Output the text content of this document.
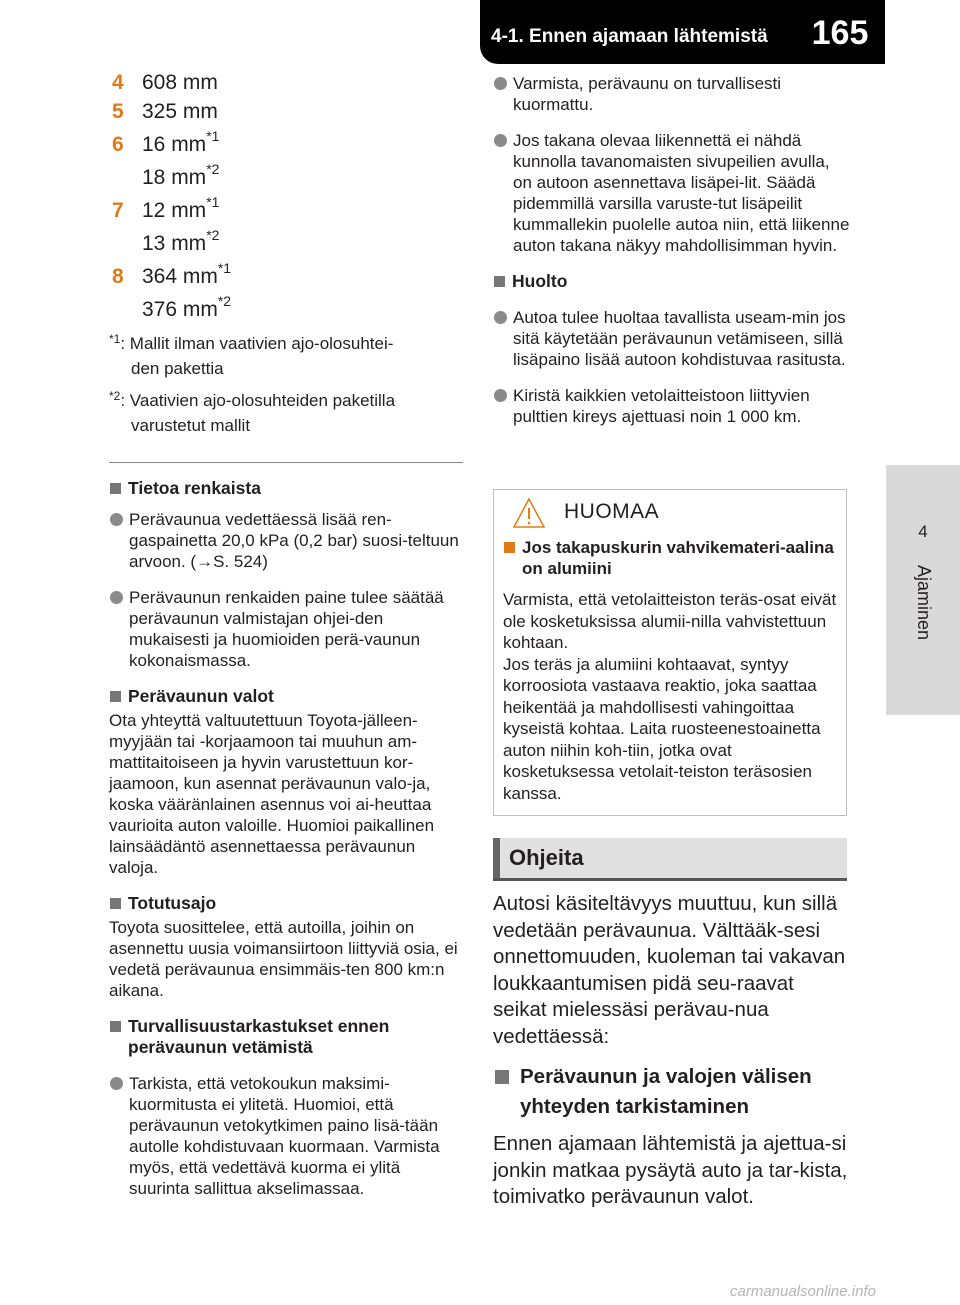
4-1. Ennen ajamaan lähtemistä	165
4
Ajaminen
4 608 mm
5 325 mm
6 16 $mm^{*1}$
18 $mm^{*2}$
7 12 $mm^{*1}$
13 $mm^{*2}$
8 364 $mm^{*1}$
376 $mm^{*2}$
$^{*1}$: Mallit ilman vaativien ajo-olosuhtei-
den pakettia
$^{*2}$: Vaativien ajo-olosuhteiden paketilla
varustetut mallit
Tietoa renkaista
Perävaunua vedettäessä lisää ren-gaspainetta 20,0 kPa (0,2 bar) suosi-teltuun arvoon. (→S. 524)
Perävaunun renkaiden paine tulee säätää perävaunun valmistajan ohjei-den mukaisesti ja huomioiden perä-vaunun kokonaismassa.
Perävaunun valot
Ota yhteyttä valtuutettuun Toyota-jälleen-myyjään tai -korjaamoon tai muuhun am-mattitaitoiseen ja hyvin varustettuun kor-jaamoon, kun asennat perävaunun valo-ja, koska vääränlainen asennus voi ai-heuttaa vaurioita auton valoille. Huomioi paikallinen lainsäädäntö asennettaessa perävaunun valoja.
Totutusajo
Toyota suosittelee, että autoilla, joihin on asennettu uusia voimansiirtoon liittyviä osia, ei vedetä perävaunua ensimmäis-ten 800 km:n aikana.
Turvallisuustarkastukset ennen perävaunun vetämistä
Tarkista, että vetokoukun maksimi-kuormitusta ei ylitetä. Huomioi, että perävaunun vetokytkimen paino lisä-tään autolle kohdistuvaan kuormaan. Varmista myös, että vedettävä kuorma ei ylitä suurinta sallittua akselimassaa.
Varmista, perävaunu on turvallisesti kuormattu.
Jos takana olevaa liikennettä ei nähdä kunnolla tavanomaisten sivupeilien avulla, on autoon asennettava lisäpei-lit. Säädä pidemmillä varsilla varuste-tut lisäpeilit kummallekin puolelle autoa niin, että liikenne auton takana näkyy mahdollisimman hyvin.
Huolto
Autoa tulee huoltaa tavallista useam-min jos sitä käytetään perävaunun vetämiseen, sillä lisäpaino lisää autoon kohdistuvaa rasitusta.
Kiristä kaikkien vetolaitteistoon liittyvien pulttien kireys ajettuasi noin 1 000 km.
HUOMAA
Jos takapuskurin vahvikemateri-aalina on alumiini
Varmista, että vetolaitteiston teräs-osat eivät ole kosketuksissa alumii-nilla vahvistettuun kohtaan.
Jos teräs ja alumiini kohtaavat, syntyy korroosiota vastaava reaktio, joka saattaa heikentää ja mahdollisesti vahingoittaa kyseistä kohtaa. Laita ruosteenestoainetta auton niihin koh-tiin, jotka ovat kosketuksessa vetolait-teiston teräsosien kanssa.
Ohjeita
Autosi käsiteltävyys muuttuu, kun sillä vedetään perävaunua. Välttääk-sesi onnettomuuden, kuoleman tai vakavan loukkaantumisen pidä seu-raavat seikat mielessäsi perävau-nua vedettäessä:
Perävaunun ja valojen välisen
yhteyden tarkistaminen
Ennen ajamaan lähtemistä ja ajettua-si jonkin matkaa pysäytä auto ja tar-kista, toimivatko perävaunun valot.
carmanualsonline.info
